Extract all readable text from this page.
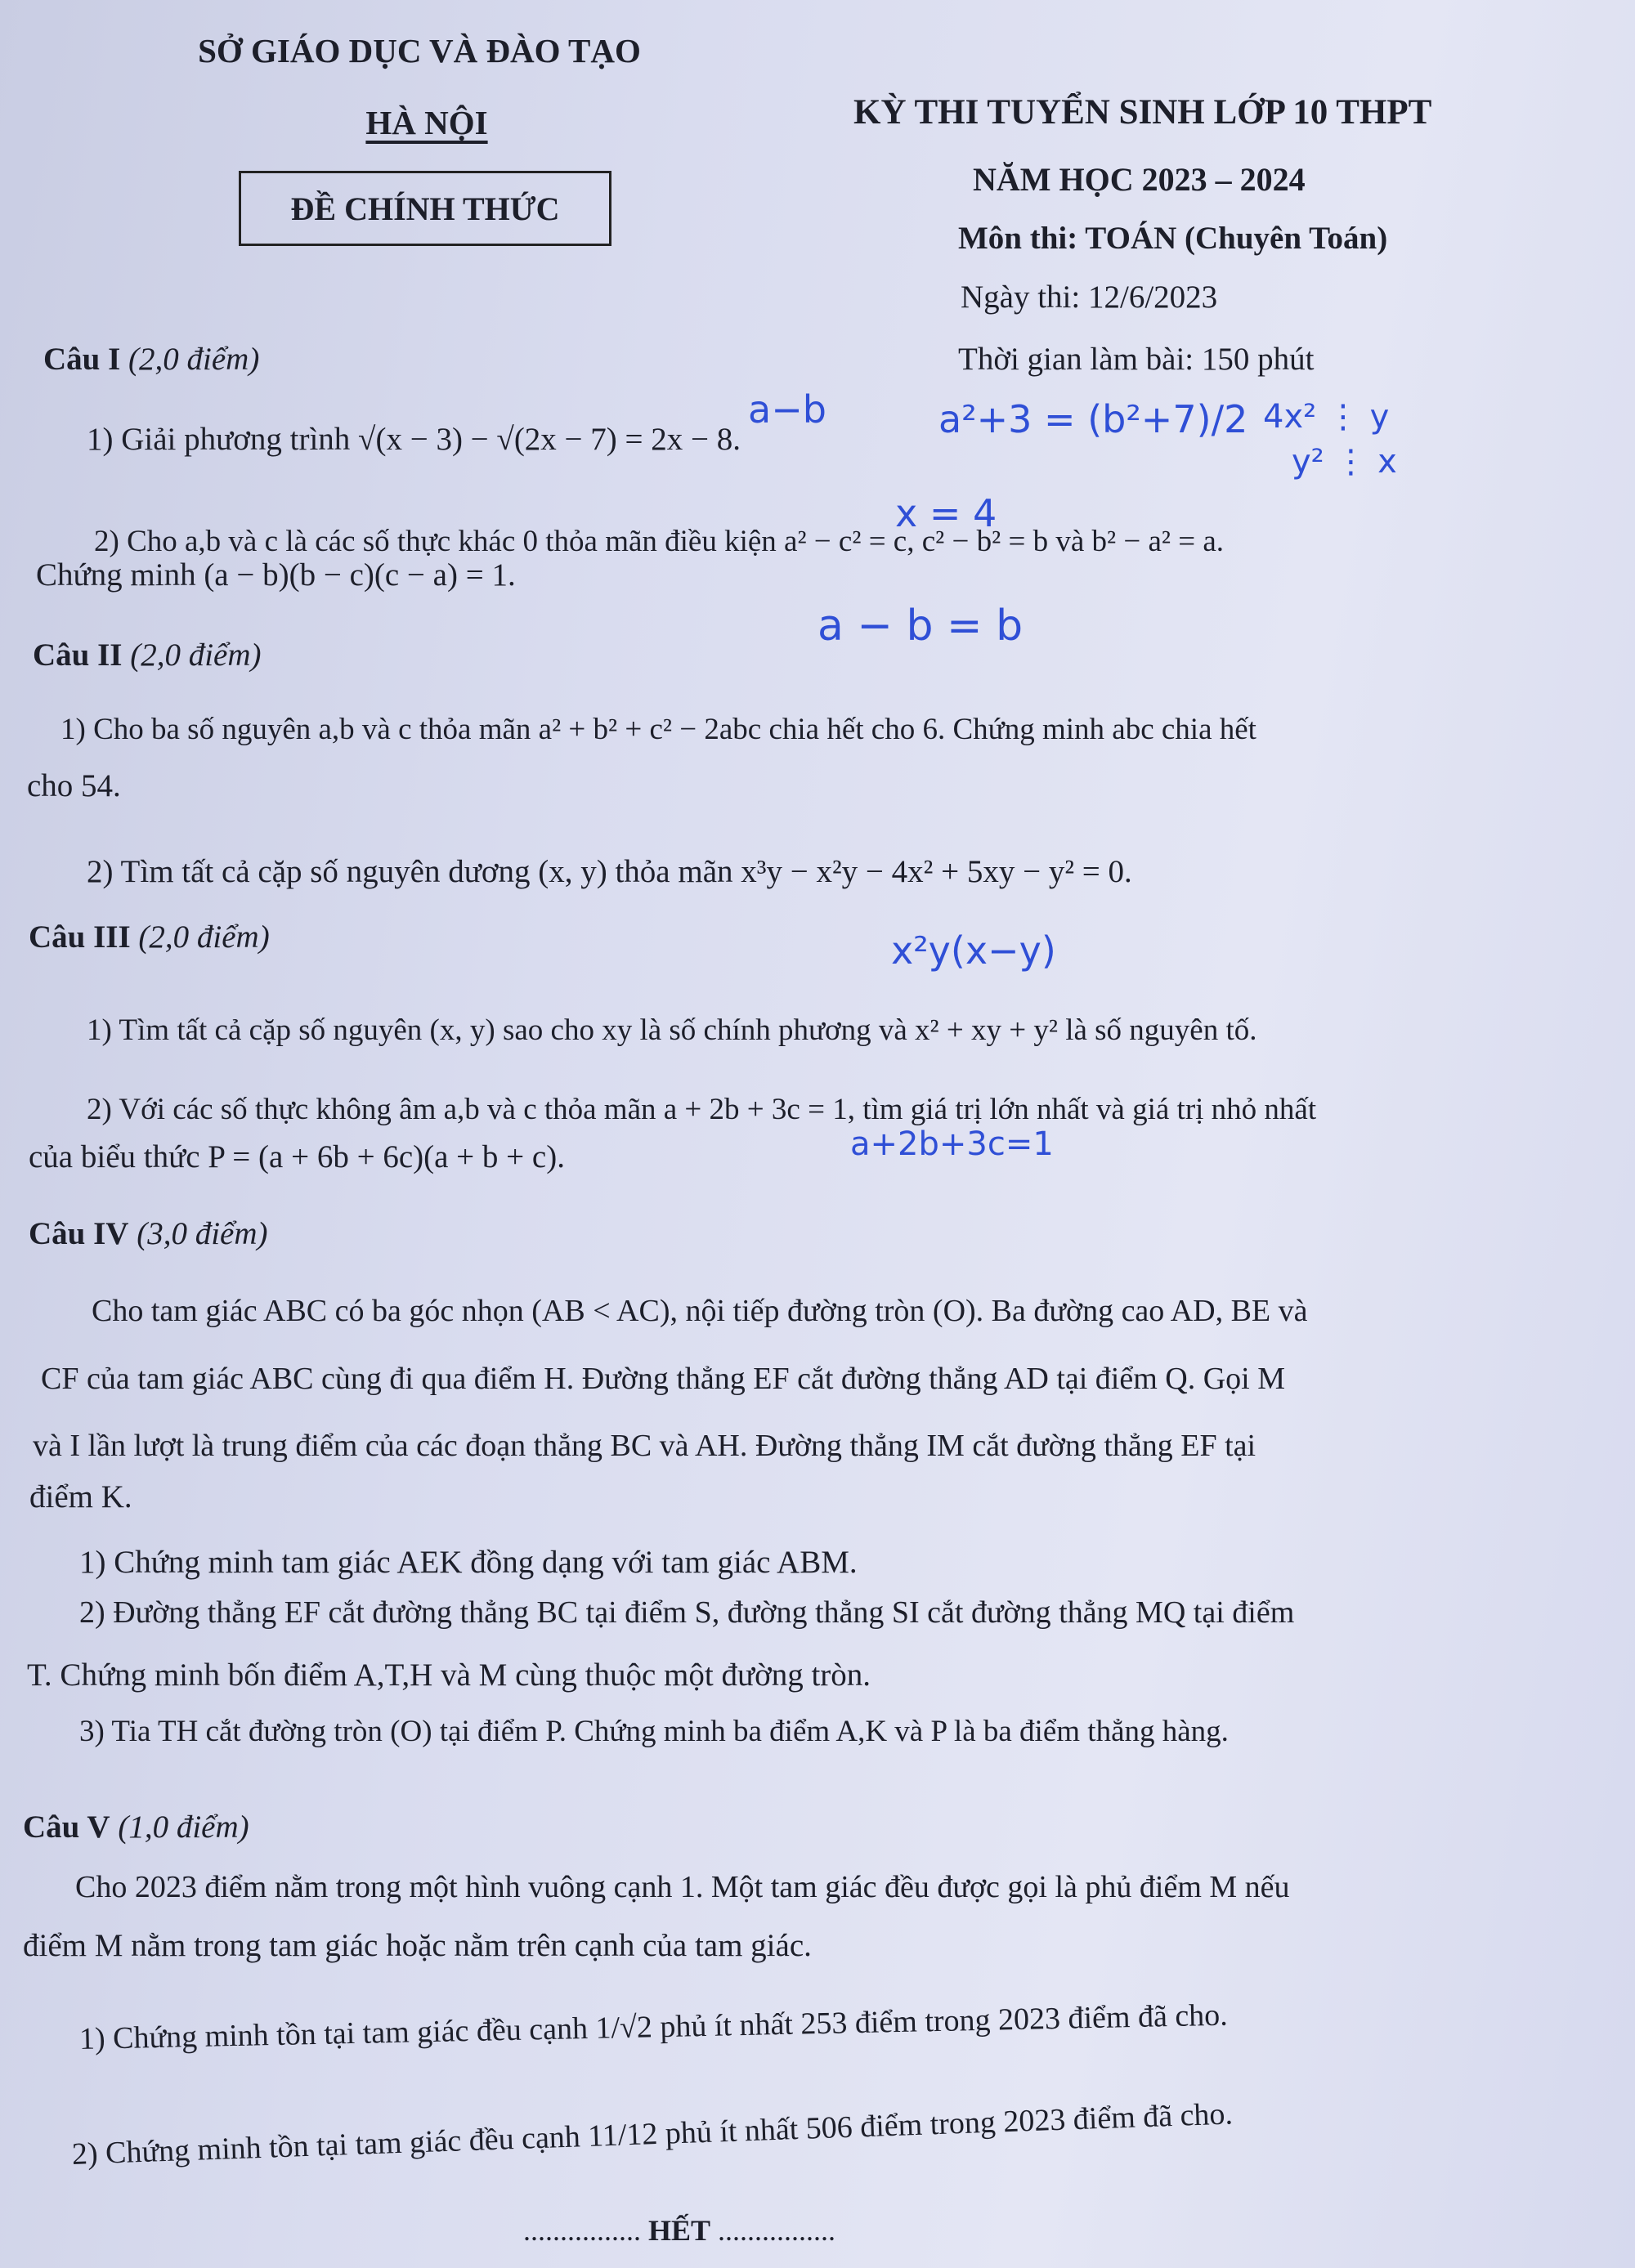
SỞ GIÁO DỤC VÀ ĐÀO TẠO
HÀ NỘI
ĐỀ CHÍNH THỨC
KỲ THI TUYỂN SINH LỚP 10 THPT
NĂM HỌC 2023 – 2024
Môn thi: TOÁN (Chuyên Toán)
Ngày thi: 12/6/2023
Thời gian làm bài: 150 phút
Câu I (2,0 điểm)
1) Giải phương trình √(x − 3) − √(2x − 7) = 2x − 8.
2) Cho a,b và c là các số thực khác 0 thỏa mãn điều kiện a² − c² = c, c² − b² = b và b² − a² = a.
Chứng minh (a − b)(b − c)(c − a) = 1.
Câu II (2,0 điểm)
1) Cho ba số nguyên a,b và c thỏa mãn a² + b² + c² − 2abc chia hết cho 6. Chứng minh abc chia hết
cho 54.
2) Tìm tất cả cặp số nguyên dương (x, y) thỏa mãn x³y − x²y − 4x² + 5xy − y² = 0.
Câu III (2,0 điểm)
1) Tìm tất cả cặp số nguyên (x, y) sao cho xy là số chính phương và x² + xy + y² là số nguyên tố.
2) Với các số thực không âm a,b và c thỏa mãn a + 2b + 3c = 1, tìm giá trị lớn nhất và giá trị nhỏ nhất
của biểu thức P = (a + 6b + 6c)(a + b + c).
Câu IV (3,0 điểm)
Cho tam giác ABC có ba góc nhọn (AB < AC), nội tiếp đường tròn (O). Ba đường cao AD, BE và
CF của tam giác ABC cùng đi qua điểm H. Đường thẳng EF cắt đường thẳng AD tại điểm Q. Gọi M
và I lần lượt là trung điểm của các đoạn thẳng BC và AH. Đường thẳng IM cắt đường thẳng EF tại
điểm K.
1) Chứng minh tam giác AEK đồng dạng với tam giác ABM.
2) Đường thẳng EF cắt đường thẳng BC tại điểm S, đường thẳng SI cắt đường thẳng MQ tại điểm
T. Chứng minh bốn điểm A,T,H và M cùng thuộc một đường tròn.
3) Tia TH cắt đường tròn (O) tại điểm P. Chứng minh ba điểm A,K và P là ba điểm thẳng hàng.
Câu V (1,0 điểm)
Cho 2023 điểm nằm trong một hình vuông cạnh 1. Một tam giác đều được gọi là phủ điểm M nếu
điểm M nằm trong tam giác hoặc nằm trên cạnh của tam giác.
1) Chứng minh tồn tại tam giác đều cạnh 1/√2 phủ ít nhất 253 điểm trong 2023 điểm đã cho.
2) Chứng minh tồn tại tam giác đều cạnh 11/12 phủ ít nhất 506 điểm trong 2023 điểm đã cho.
................ HẾT ................
a−b	a²+3 = (b²+7)/2 4x² ⋮ y
y² ⋮ x
x = 4
a − b = b
x²y(x−y)
a+2b+3c=1
